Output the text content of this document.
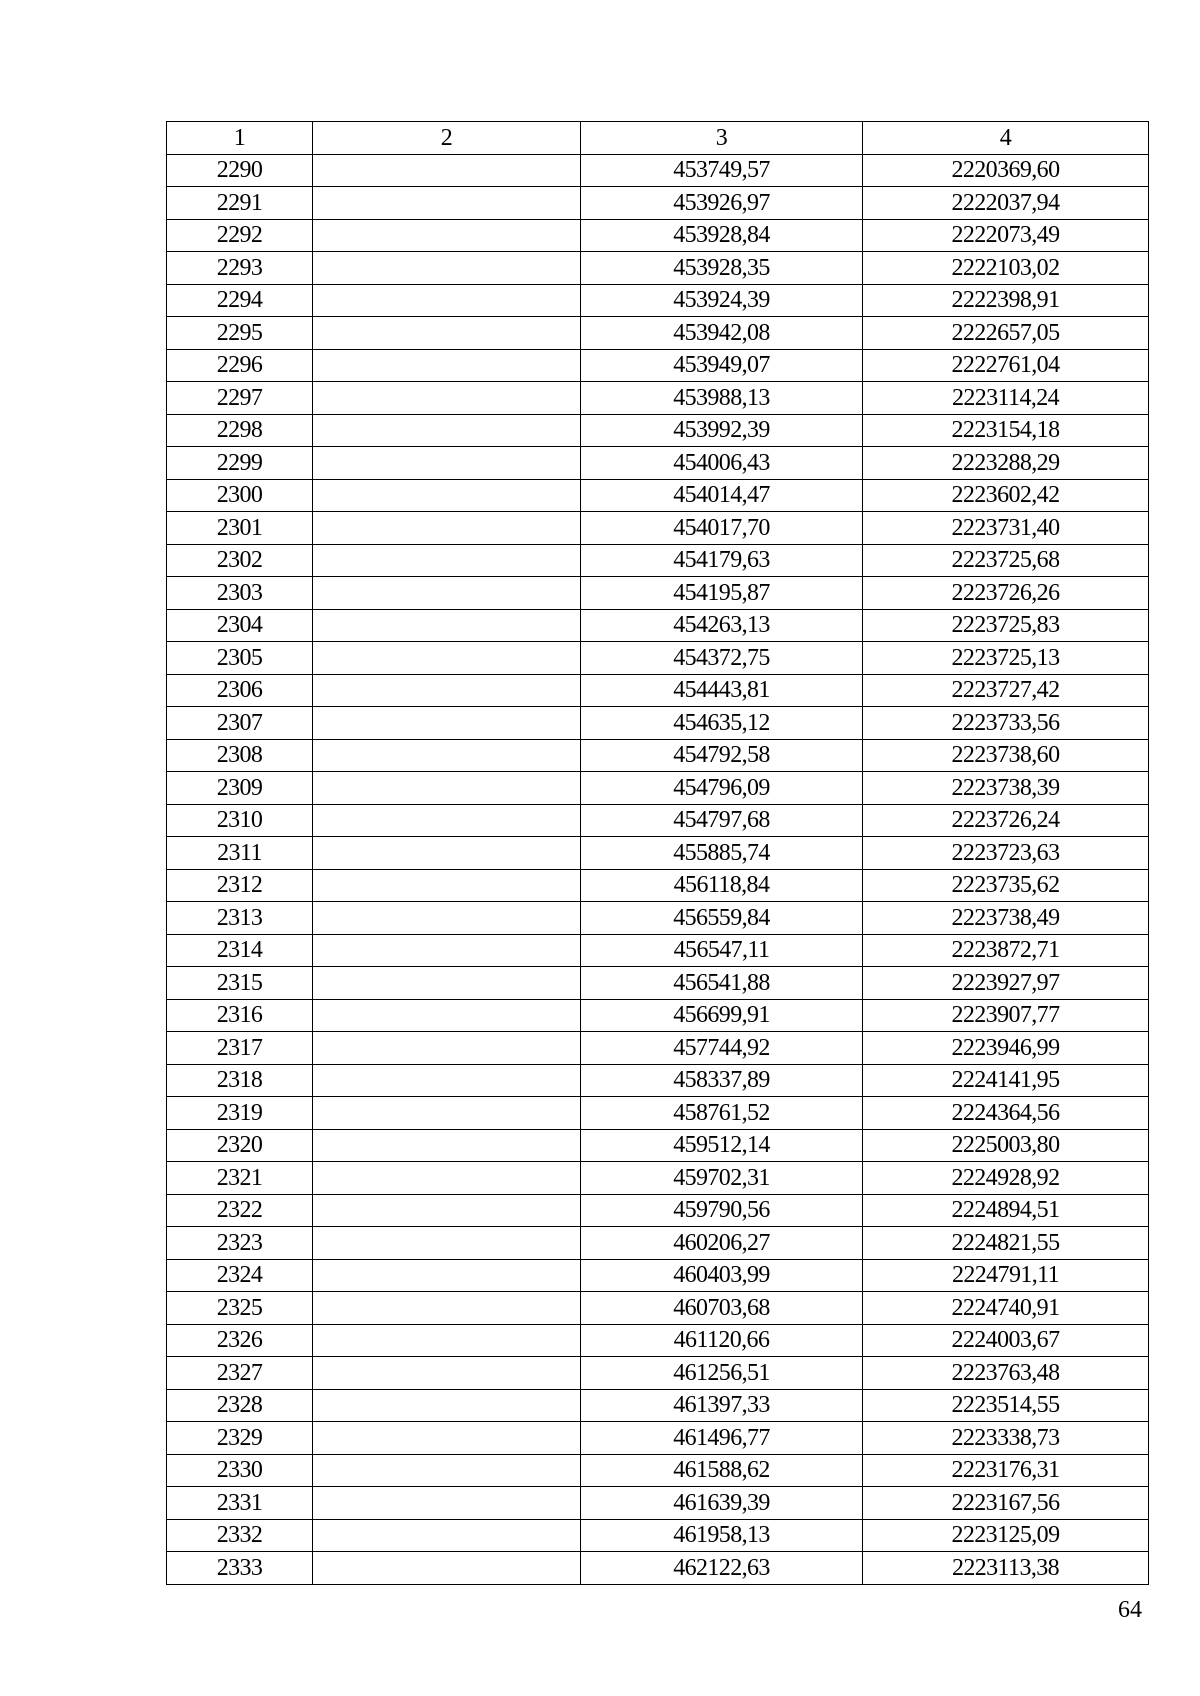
1	2	3	4
2290		453749,57	2220369,60
2291		453926,97	2222037,94
2292		453928,84	2222073,49
2293		453928,35	2222103,02
2294		453924,39	2222398,91
2295		453942,08	2222657,05
2296		453949,07	2222761,04
2297		453988,13	2223114,24
2298		453992,39	2223154,18
2299		454006,43	2223288,29
2300		454014,47	2223602,42
2301		454017,70	2223731,40
2302		454179,63	2223725,68
2303		454195,87	2223726,26
2304		454263,13	2223725,83
2305		454372,75	2223725,13
2306		454443,81	2223727,42
2307		454635,12	2223733,56
2308		454792,58	2223738,60
2309		454796,09	2223738,39
2310		454797,68	2223726,24
2311		455885,74	2223723,63
2312		456118,84	2223735,62
2313		456559,84	2223738,49
2314		456547,11	2223872,71
2315		456541,88	2223927,97
2316		456699,91	2223907,77
2317		457744,92	2223946,99
2318		458337,89	2224141,95
2319		458761,52	2224364,56
2320		459512,14	2225003,80
2321		459702,31	2224928,92
2322		459790,56	2224894,51
2323		460206,27	2224821,55
2324		460403,99	2224791,11
2325		460703,68	2224740,91
2326		461120,66	2224003,67
2327		461256,51	2223763,48
2328		461397,33	2223514,55
2329		461496,77	2223338,73
2330		461588,62	2223176,31
2331		461639,39	2223167,56
2332		461958,13	2223125,09
2333		462122,63	2223113,38
64
